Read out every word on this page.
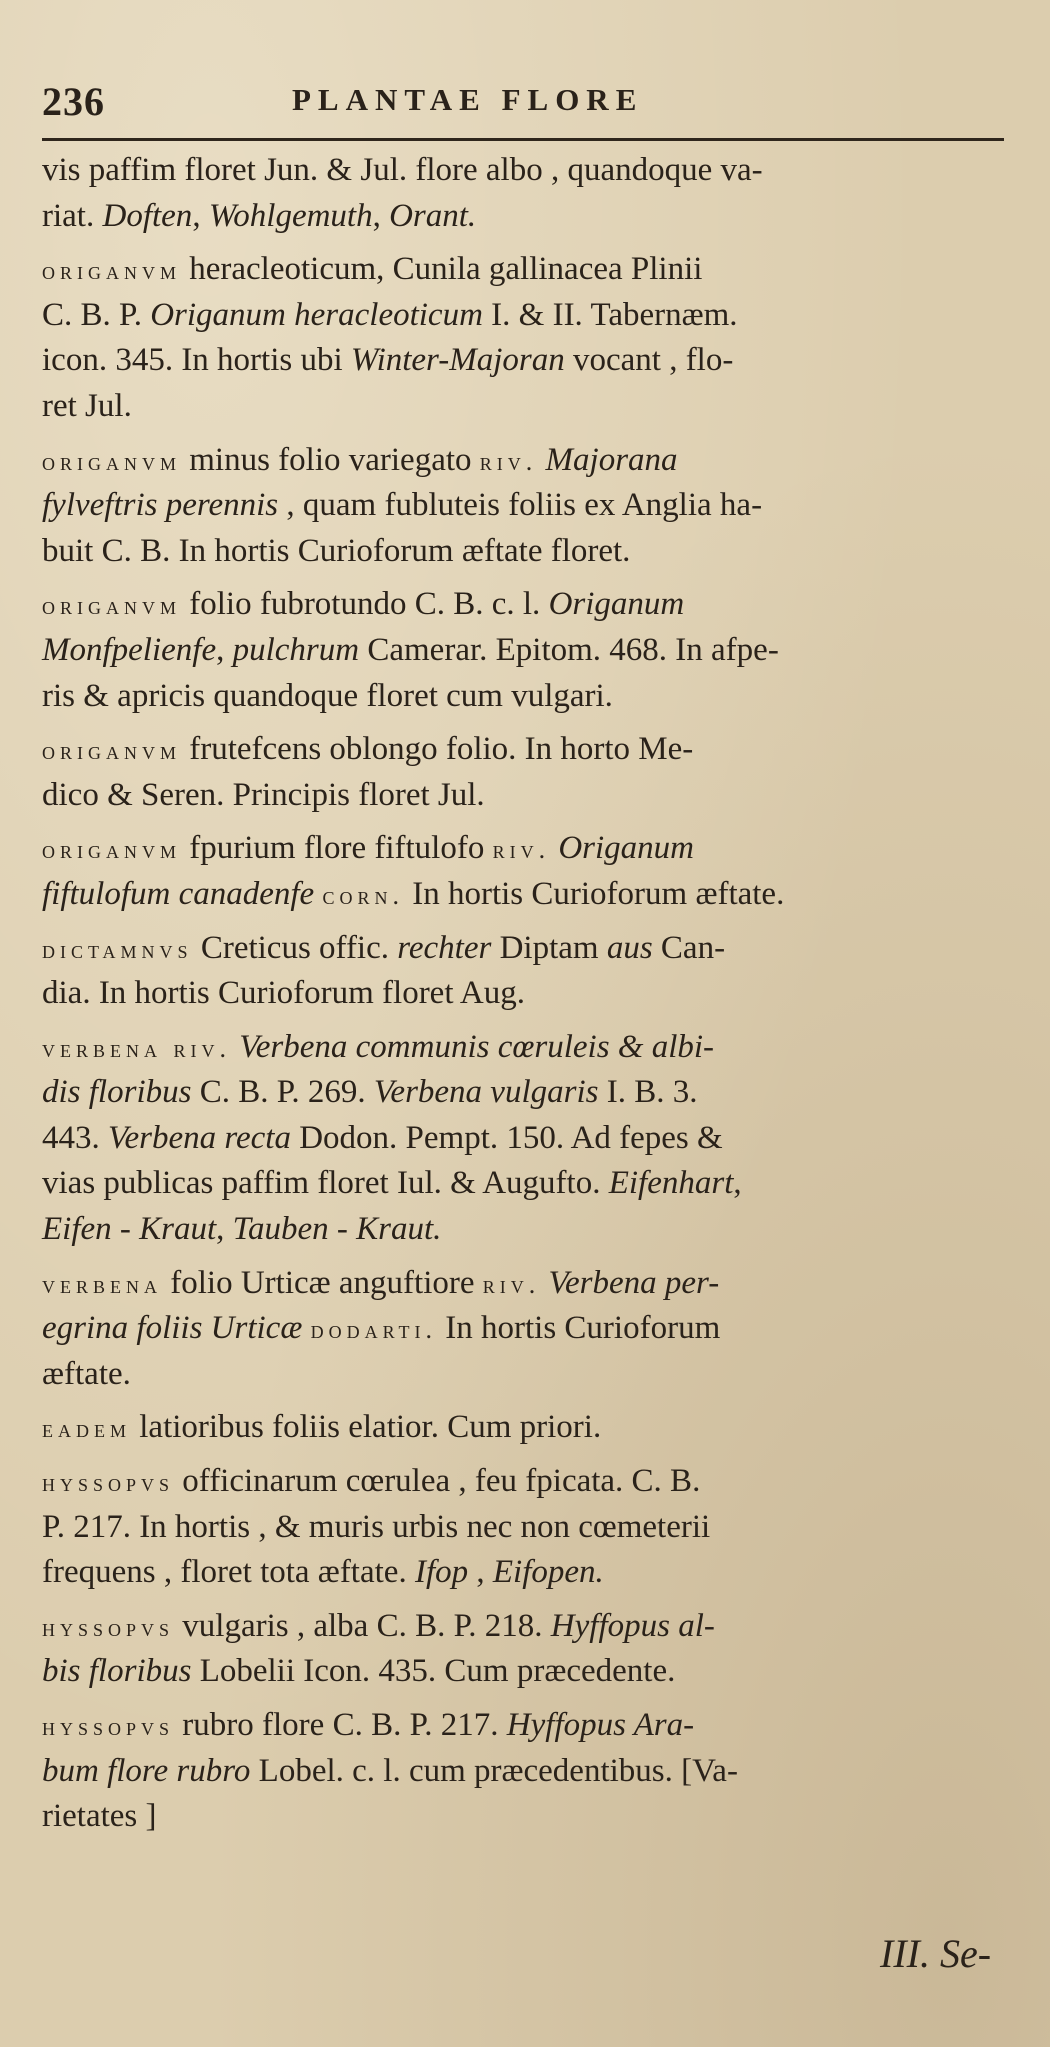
236	PLANTAE FLORE
vis paffim floret Jun. & Jul. flore albo , quandoque va-
riat. Doften, Wohlgemuth, Orant.
origanvm heracleoticum, Cunila gallinacea Plinii
C. B. P. Origanum heracleoticum I. & II. Tabernæm.
icon. 345. In hortis ubi Winter-Majoran vocant , flo-
ret Jul.
origanvm minus folio variegato riv. Majorana
fylveftris perennis , quam fubluteis foliis ex Anglia ha-
buit C. B. In hortis Curioforum æftate floret.
origanvm folio fubrotundo C. B. c. l. Origanum
Monfpelienfe, pulchrum Camerar. Epitom. 468. In afpe-
ris & apricis quandoque floret cum vulgari.
origanvm frutefcens oblongo folio. In horto Me-
dico & Seren. Principis floret Jul.
origanvm fpurium flore fiftulofo riv. Origanum
fiftulofum canadenfe corn. In hortis Curioforum æftate.
dictamnvs Creticus offic. rechter Diptam aus Can-
dia. In hortis Curioforum floret Aug.
verbena riv. Verbena communis cœruleis & albi-
dis floribus C. B. P. 269. Verbena vulgaris I. B. 3.
443. Verbena recta Dodon. Pempt. 150. Ad fepes &
vias publicas paffim floret Iul. & Augufto. Eifenhart,
Eifen - Kraut, Tauben - Kraut.
verbena folio Urticæ anguftiore riv. Verbena per-
egrina foliis Urticæ dodarti. In hortis Curioforum
æftate.
eadem latioribus foliis elatior. Cum priori.
hyssopvs officinarum cœrulea , feu fpicata. C. B.
P. 217. In hortis , & muris urbis nec non cœmeterii
frequens , floret tota æftate. Ifop , Eifopen.
hyssopvs vulgaris , alba C. B. P. 218. Hyffopus al-
bis floribus Lobelii Icon. 435. Cum præcedente.
hyssopvs rubro flore C. B. P. 217. Hyffopus Ara-
bum flore rubro Lobel. c. l. cum præcedentibus. [Va-
rietates ]
III. Se-
